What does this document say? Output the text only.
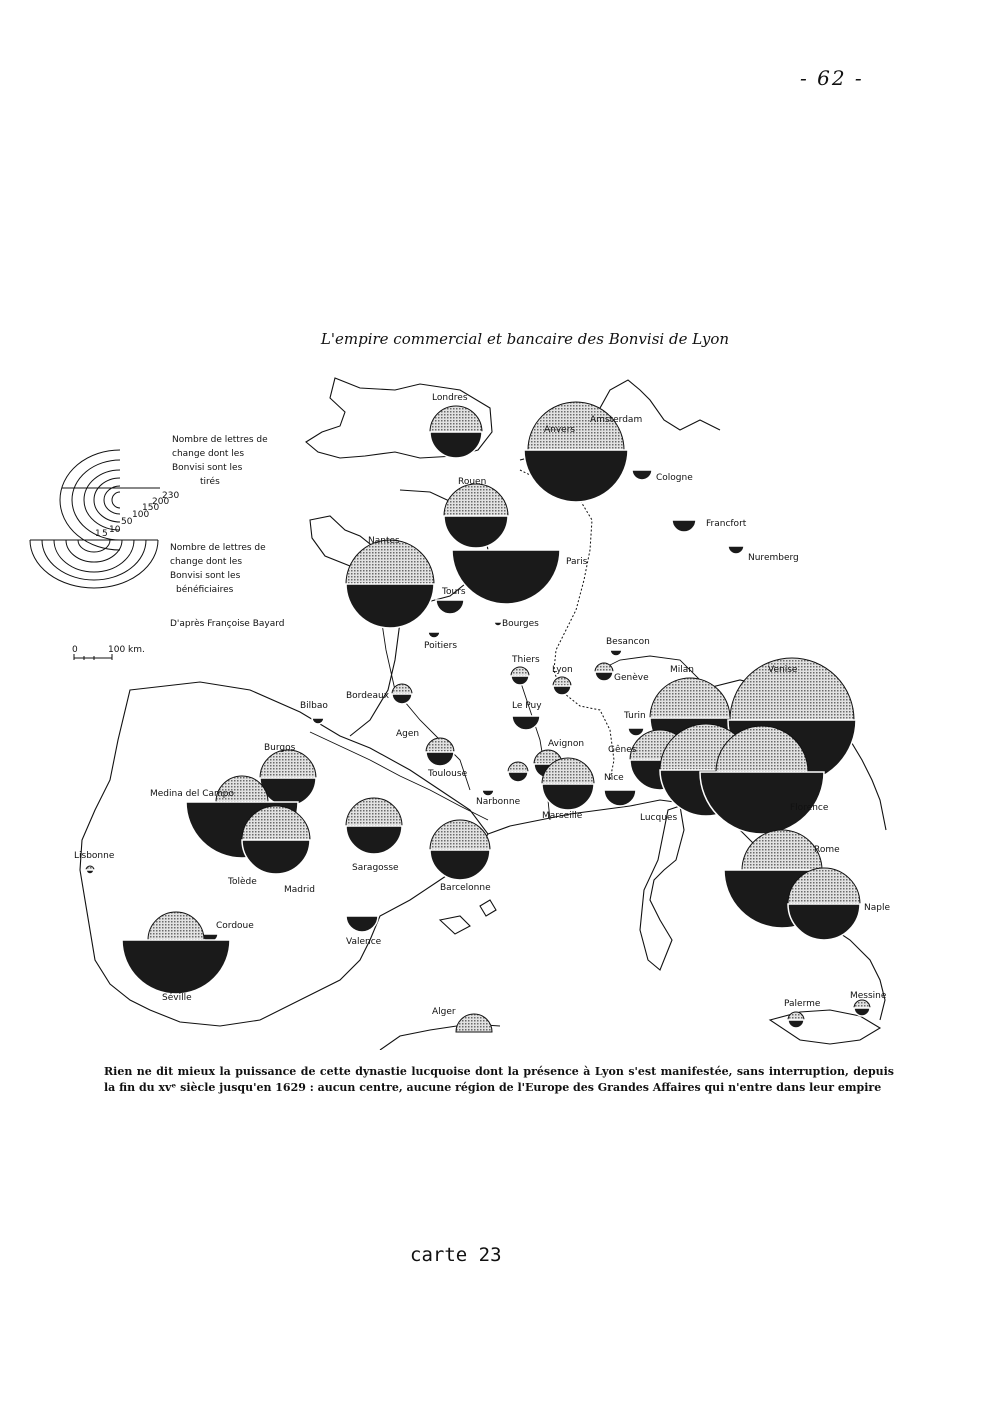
- 62 -
L'empire commercial et bancaire des Bonvisi de Lyon
Nombre de lettres de
change dont les
Bonvisi sont les
tirés
Nombre de lettres de
change dont les
Bonvisi sont les
bénéficiaires
1 5 10
50
100
150
200
230
D'après Françoise Bayard
0	100 km.
Londres
Anvers
Amsterdam
Cologne
Rouen
Francfort
Nuremberg
Nantes
Paris
Tours
Bourges
Poitiers	Besancon
Thiers
Lyon
Genève
Milan	Venise
Bordeaux
Le Puy
Turin
Bilbao
Agen
Avignon
Gênes
Burgos
Toulouse	Nice
Medina del Campo
Narbonne
Marseille	Lucques
Florence
Lisbonne
Saragosse
Barcelonne
Tolède
Madrid
Rome
Naple
Cordoue
Valence
Séville
Alger
Palerme
Messine
Rien ne dit mieux la puissance de cette dynastie lucquoise dont la présence à Lyon s'est manifestée, sans interruption, depuis la fin du xvᵉ siècle jusqu'en 1629 : aucun centre, aucune région de l'Europe des Grandes Affaires qui n'entre dans leur empire
carte 23
